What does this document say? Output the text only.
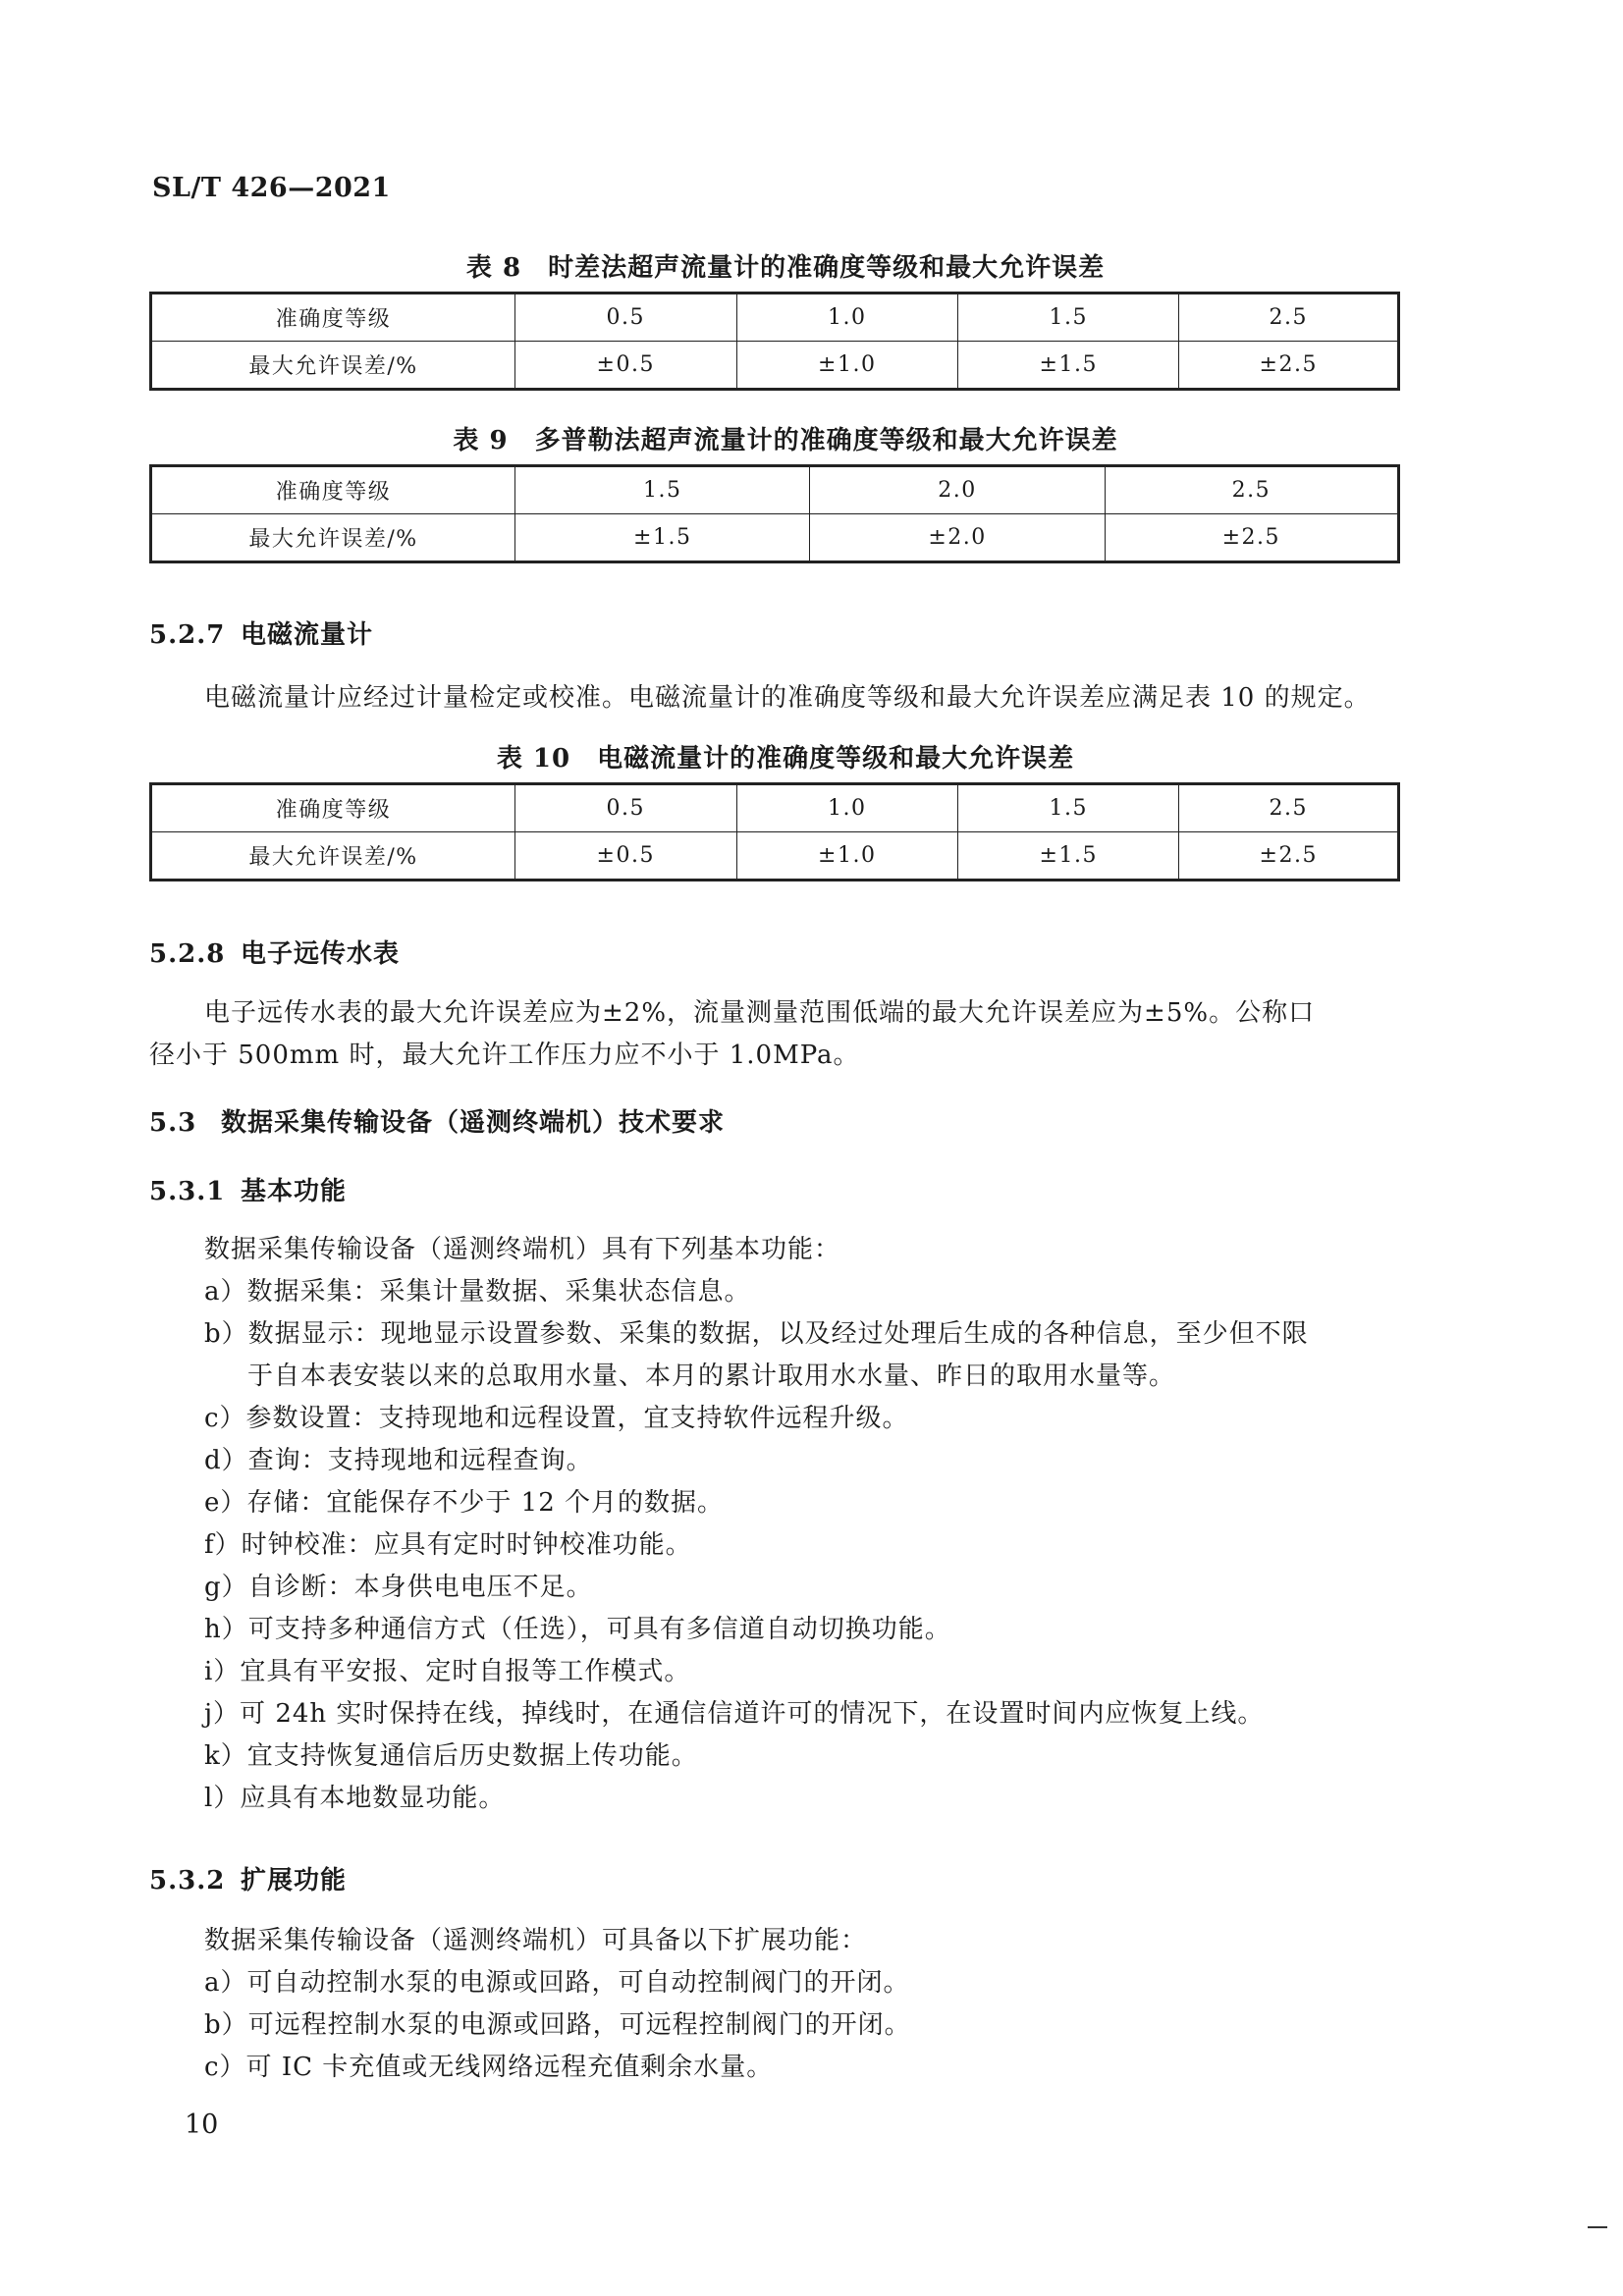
SL/T 426—2021
表 8　时差法超声流量计的准确度等级和最大允许误差
准确度等级	0.5	1.0	1.5	2.5
最大允许误差/%	±0.5	±1.0	±1.5	±2.5
表 9　多普勒法超声流量计的准确度等级和最大允许误差
准确度等级	1.5	2.0	2.5
最大允许误差/%	±1.5	±2.0	±2.5
5.2.7 电磁流量计
电磁流量计应经过计量检定或校准。电磁流量计的准确度等级和最大允许误差应满足表 10 的规定。
表 10　电磁流量计的准确度等级和最大允许误差
准确度等级	0.5	1.0	1.5	2.5
最大允许误差/%	±0.5	±1.0	±1.5	±2.5
5.2.8 电子远传水表
电子远传水表的最大允许误差应为±2%，流量测量范围低端的最大允许误差应为±5%。公称口
径小于 500mm 时，最大允许工作压力应不小于 1.0MPa。
5.3 数据采集传输设备（遥测终端机）技术要求
5.3.1 基本功能
数据采集传输设备（遥测终端机）具有下列基本功能：
a）数据采集：采集计量数据、采集状态信息。
b）数据显示：现地显示设置参数、采集的数据，以及经过处理后生成的各种信息，至少但不限
于自本表安装以来的总取用水量、本月的累计取用水水量、昨日的取用水量等。
c）参数设置：支持现地和远程设置，宜支持软件远程升级。
d）查询：支持现地和远程查询。
e）存储：宜能保存不少于 12 个月的数据。
f）时钟校准：应具有定时时钟校准功能。
g）自诊断：本身供电电压不足。
h）可支持多种通信方式（任选），可具有多信道自动切换功能。
i）宜具有平安报、定时自报等工作模式。
j）可 24h 实时保持在线，掉线时，在通信信道许可的情况下，在设置时间内应恢复上线。
k）宜支持恢复通信后历史数据上传功能。
l）应具有本地数显功能。
5.3.2 扩展功能
数据采集传输设备（遥测终端机）可具备以下扩展功能：
a）可自动控制水泵的电源或回路，可自动控制阀门的开闭。
b）可远程控制水泵的电源或回路，可远程控制阀门的开闭。
c）可 IC 卡充值或无线网络远程充值剩余水量。
10
